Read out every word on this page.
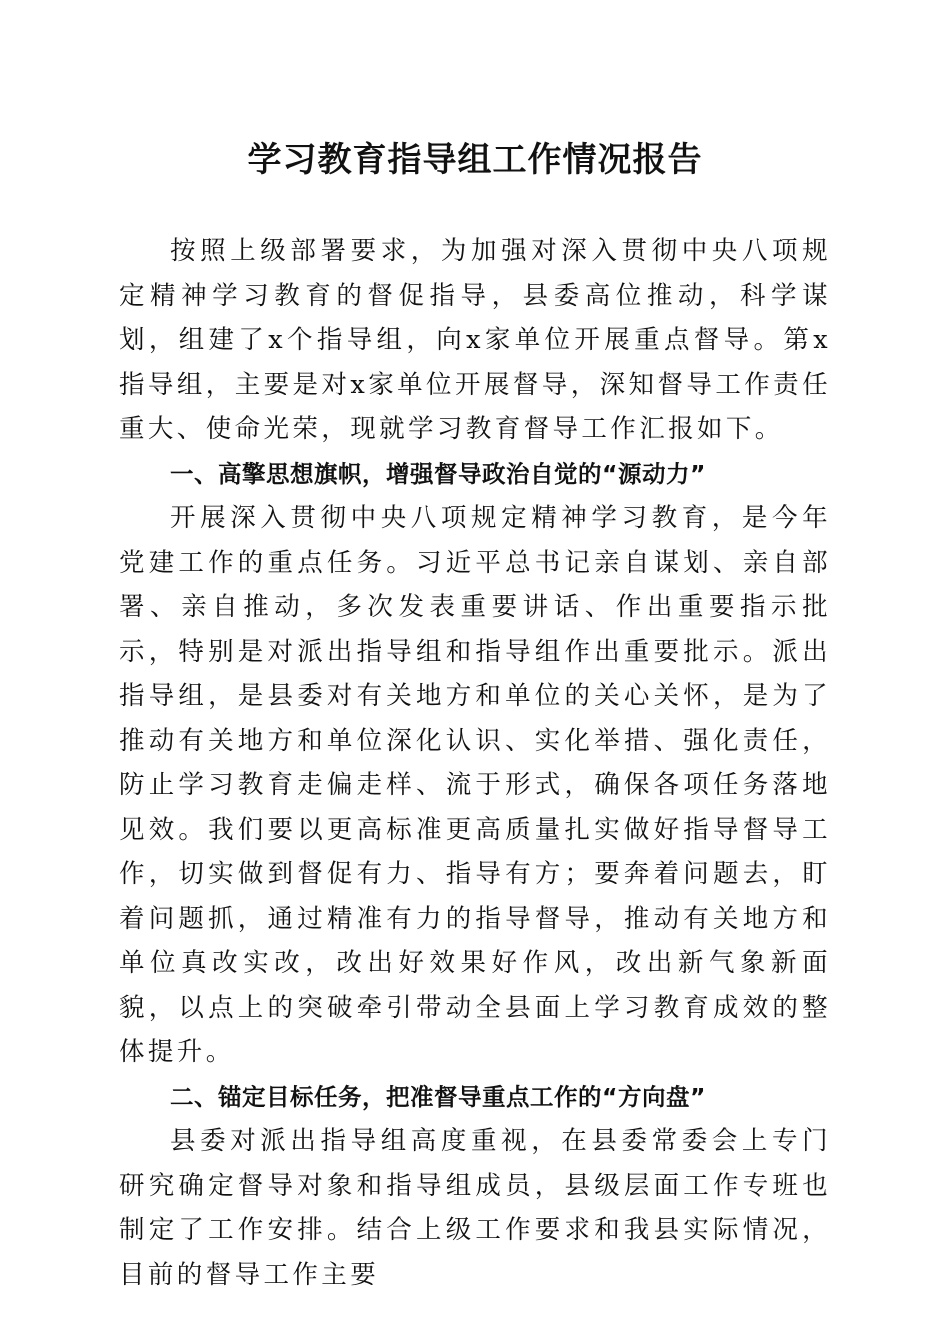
学习教育指导组工作情况报告

按照上级部署要求，为加强对深入贯彻中央八项规定精神学习教育的督促指导，县委高位推动，科学谋划，组建了x个指导组，向x家单位开展重点督导。第x指导组，主要是对x家单位开展督导，深知督导工作责任重大、使命光荣，现就学习教育督导工作汇报如下。

一、高擎思想旗帜，增强督导政治自觉的“源动力”

开展深入贯彻中央八项规定精神学习教育，是今年党建工作的重点任务。习近平总书记亲自谋划、亲自部署、亲自推动，多次发表重要讲话、作出重要指示批示，特别是对派出指导组和指导组作出重要批示。派出指导组，是县委对有关地方和单位的关心关怀，是为了推动有关地方和单位深化认识、实化举措、强化责任，防止学习教育走偏走样、流于形式，确保各项任务落地见效。我们要以更高标准更高质量扎实做好指导督导工作，切实做到督促有力、指导有方；要奔着问题去，盯着问题抓，通过精准有力的指导督导，推动有关地方和单位真改实改，改出好效果好作风，改出新气象新面貌，以点上的突破牵引带动全县面上学习教育成效的整体提升。

二、锚定目标任务，把准督导重点工作的“方向盘”

县委对派出指导组高度重视，在县委常委会上专门研究确定督导对象和指导组成员，县级层面工作专班也制定了工作安排。结合上级工作要求和我县实际情况，目前的督导工作主要
